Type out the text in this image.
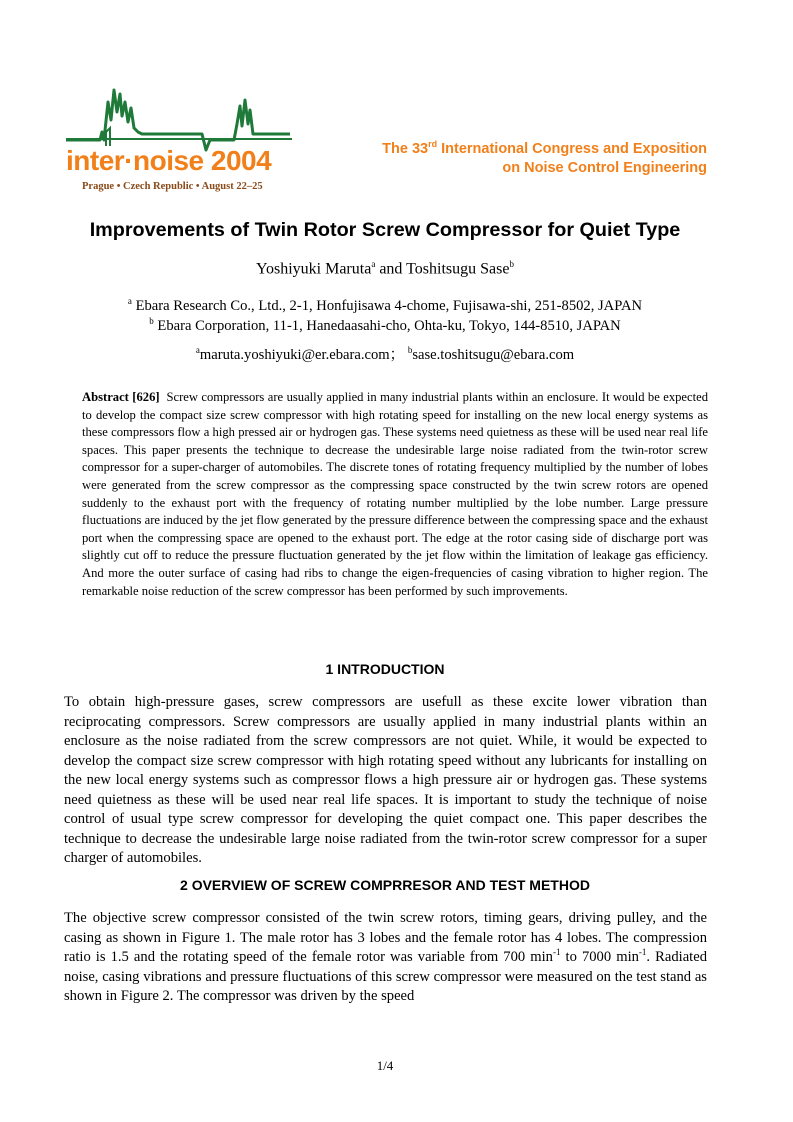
inter·noise 2004
Prague • Czech Republic • August 22–25
The 33rd International Congress and Exposition
on Noise Control Engineering
Improvements of Twin Rotor Screw Compressor for Quiet Type
Yoshiyuki Maruta$^a$ and Toshitsugu Sase$^b$
$^a$ Ebara Research Co., Ltd., 2-1, Honfujisawa 4-chome, Fujisawa-shi, 251-8502, JAPAN
$^b$ Ebara Corporation, 11-1, Hanedaasahi-cho, Ohta-ku, Tokyo, 144-8510, JAPAN
$^a$maruta.yoshiyuki@er.ebara.com； $^b$sase.toshitsugu@ebara.com
Abstract [626] Screw compressors are usually applied in many industrial plants within an enclosure. It would be expected to develop the compact size screw compressor with high rotating speed for installing on the new local energy systems as these compressors flow a high pressed air or hydrogen gas. These systems need quietness as these will be used near real life spaces. This paper presents the technique to decrease the undesirable large noise radiated from the twin-rotor screw compressor for a super-charger of automobiles. The discrete tones of rotating frequency multiplied by the number of lobes were generated from the screw compressor as the compressing space constructed by the twin screw rotors are opened suddenly to the exhaust port with the frequency of rotating number multiplied by the lobe number. Large pressure fluctuations are induced by the jet flow generated by the pressure difference between the compressing space and the exhaust port when the compressing space are opened to the exhaust port. The edge at the rotor casing side of discharge port was slightly cut off to reduce the pressure fluctuation generated by the jet flow within the limitation of leakage gas efficiency. And more the outer surface of casing had ribs to change the eigen-frequencies of casing vibration to higher region. The remarkable noise reduction of the screw compressor has been performed by such improvements.
1 INTRODUCTION
To obtain high-pressure gases, screw compressors are usefull as these excite lower vibration than reciprocating compressors. Screw compressors are usually applied in many industrial plants within an enclosure as the noise radiated from the screw compressors are not quiet. While, it would be expected to develop the compact size screw compressor with high rotating speed without any lubricants for installing on the new local energy systems such as compressor flows a high pressure air or hydrogen gas. These systems need quietness as these will be used near real life spaces. It is important to study the technique of noise control of usual type screw compressor for developing the quiet compact one. This paper describes the technique to decrease the undesirable large noise radiated from the twin-rotor screw compressor for a super charger of automobiles.
2 OVERVIEW OF SCREW COMPRRESOR AND TEST METHOD
The objective screw compressor consisted of the twin screw rotors, timing gears, driving pulley, and the casing as shown in Figure 1. The male rotor has 3 lobes and the female rotor has 4 lobes. The compression ratio is 1.5 and the rotating speed of the female rotor was variable from 700 $\min^{-1}$ to 7000 $\min^{-1}$. Radiated noise, casing vibrations and pressure fluctuations of this screw compressor were measured on the test stand as shown in Figure 2. The compressor was driven by the speed
1/4
